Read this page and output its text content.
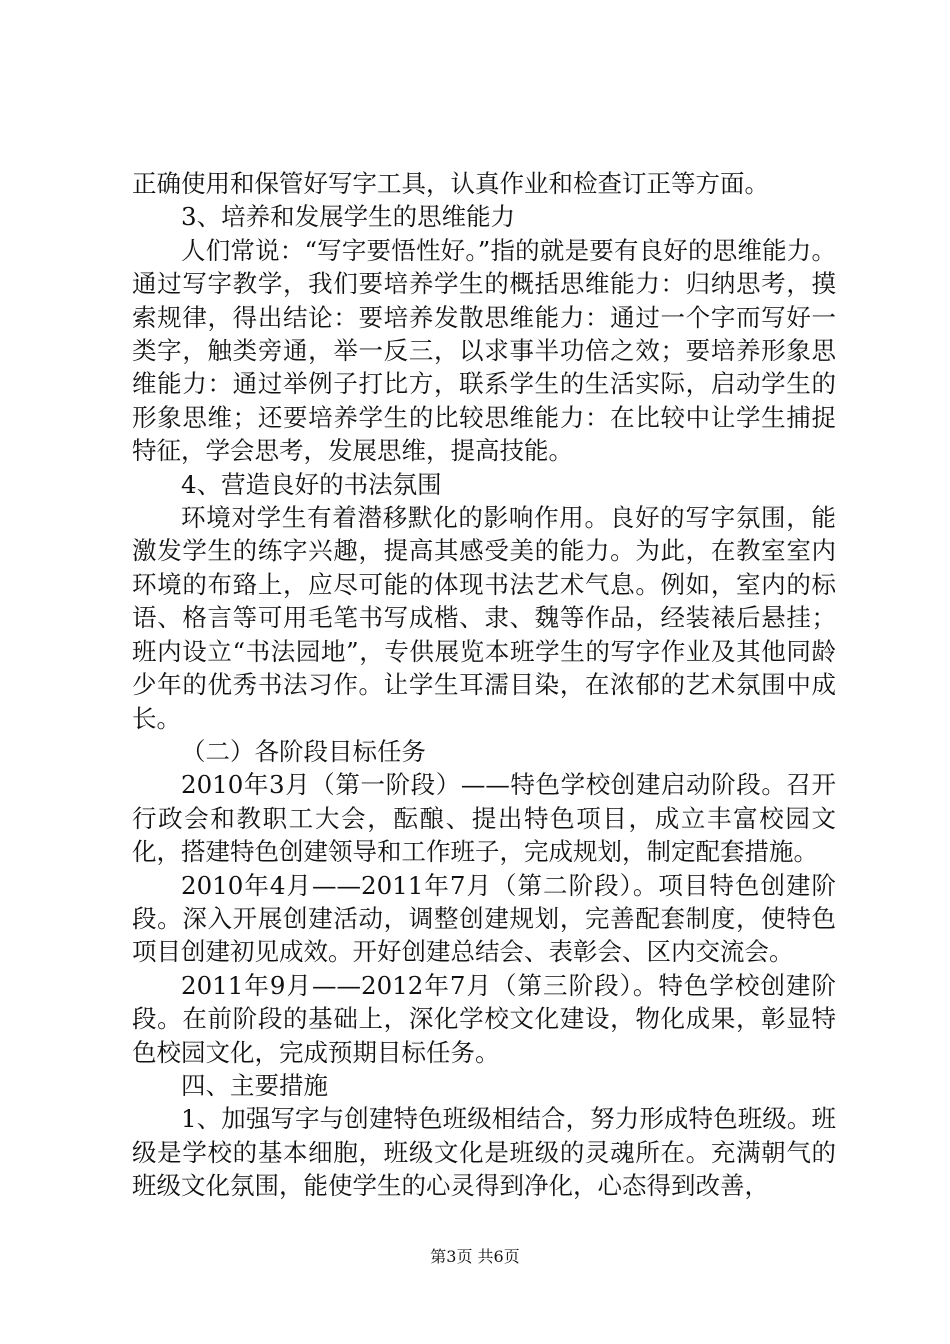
正确使用和保管好写字工具，认真作业和检查订正等方面。

3、培养和发展学生的思维能力

人们常说：“写字要悟性好。”指的就是要有良好的思维能力。通过写字教学，我们要培养学生的概括思维能力：归纳思考，摸索规律，得出结论：要培养发散思维能力：通过一个字而写好一类字，触类旁通，举一反三，以求事半功倍之效；要培养形象思维能力：通过举例子打比方，联系学生的生活实际，启动学生的形象思维；还要培养学生的比较思维能力：在比较中让学生捕捉特征，学会思考，发展思维，提高技能。

4、营造良好的书法氛围

环境对学生有着潜移默化的影响作用。良好的写字氛围，能激发学生的练字兴趣，提高其感受美的能力。为此，在教室室内环境的布臵上，应尽可能的体现书法艺术气息。例如，室内的标语、格言等可用毛笔书写成楷、隶、魏等作品，经装裱后悬挂；班内设立“书法园地”，专供展览本班学生的写字作业及其他同龄少年的优秀书法习作。让学生耳濡目染，在浓郁的艺术氛围中成长。

（二）各阶段目标任务

2010年3月（第一阶段）——特色学校创建启动阶段。召开行政会和教职工大会，酝酿、提出特色项目，成立丰富校园文化，搭建特色创建领导和工作班子，完成规划，制定配套措施。

2010年4月——2011年7月（第二阶段）。项目特色创建阶段。深入开展创建活动，调整创建规划，完善配套制度，使特色项目创建初见成效。开好创建总结会、表彰会、区内交流会。

2011年9月——2012年7月（第三阶段）。特色学校创建阶段。在前阶段的基础上，深化学校文化建设，物化成果，彰显特色校园文化，完成预期目标任务。

四、主要措施

1、加强写字与创建特色班级相结合，努力形成特色班级。班级是学校的基本细胞，班级文化是班级的灵魂所在。充满朝气的班级文化氛围，能使学生的心灵得到净化，心态得到改善，

第3页 共6页
